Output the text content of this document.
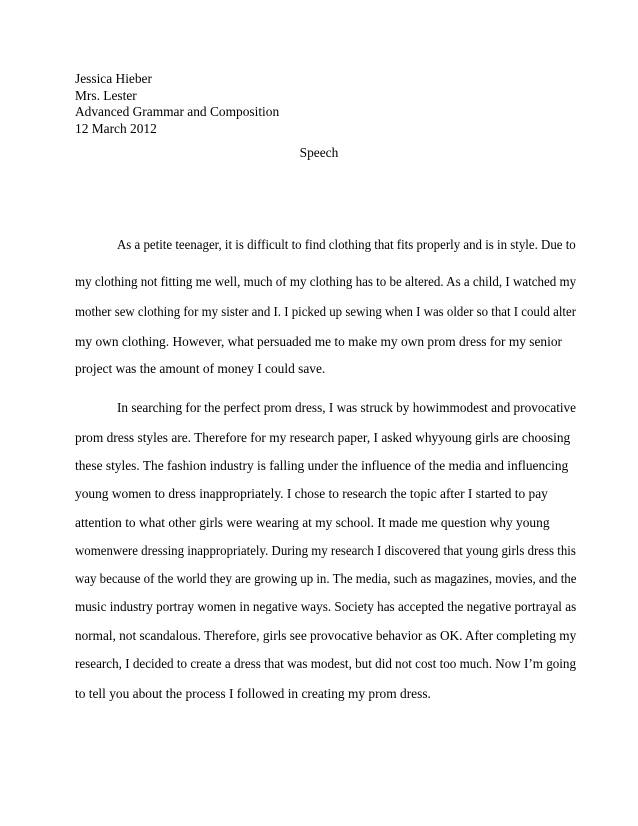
Jessica Hieber
Mrs. Lester
Advanced Grammar and Composition
12 March 2012
Speech
As a petite teenager, it is difficult to find clothing that fits properly and is in style. Due to
my clothing not fitting me well, much of my clothing has to be altered. As a child, I watched my
mother sew clothing for my sister and I. I picked up sewing when I was older so that I could alter
my own clothing. However, what persuaded me to make my own prom dress for my senior
project was the amount of money I could save.
In searching for the perfect prom dress, I was struck by howimmodest and provocative
prom dress styles are. Therefore for my research paper, I asked whyyoung girls are choosing
these styles. The fashion industry is falling under the influence of the media and influencing
young women to dress inappropriately. I chose to research the topic after I started to pay
attention to what other girls were wearing at my school. It made me question why young
womenwere dressing inappropriately. During my research I discovered that young girls dress this
way because of the world they are growing up in. The media, such as magazines, movies, and the
music industry portray women in negative ways. Society has accepted the negative portrayal as
normal, not scandalous. Therefore, girls see provocative behavior as OK. After completing my
research, I decided to create a dress that was modest, but did not cost too much. Now I’m going
to tell you about the process I followed in creating my prom dress.
